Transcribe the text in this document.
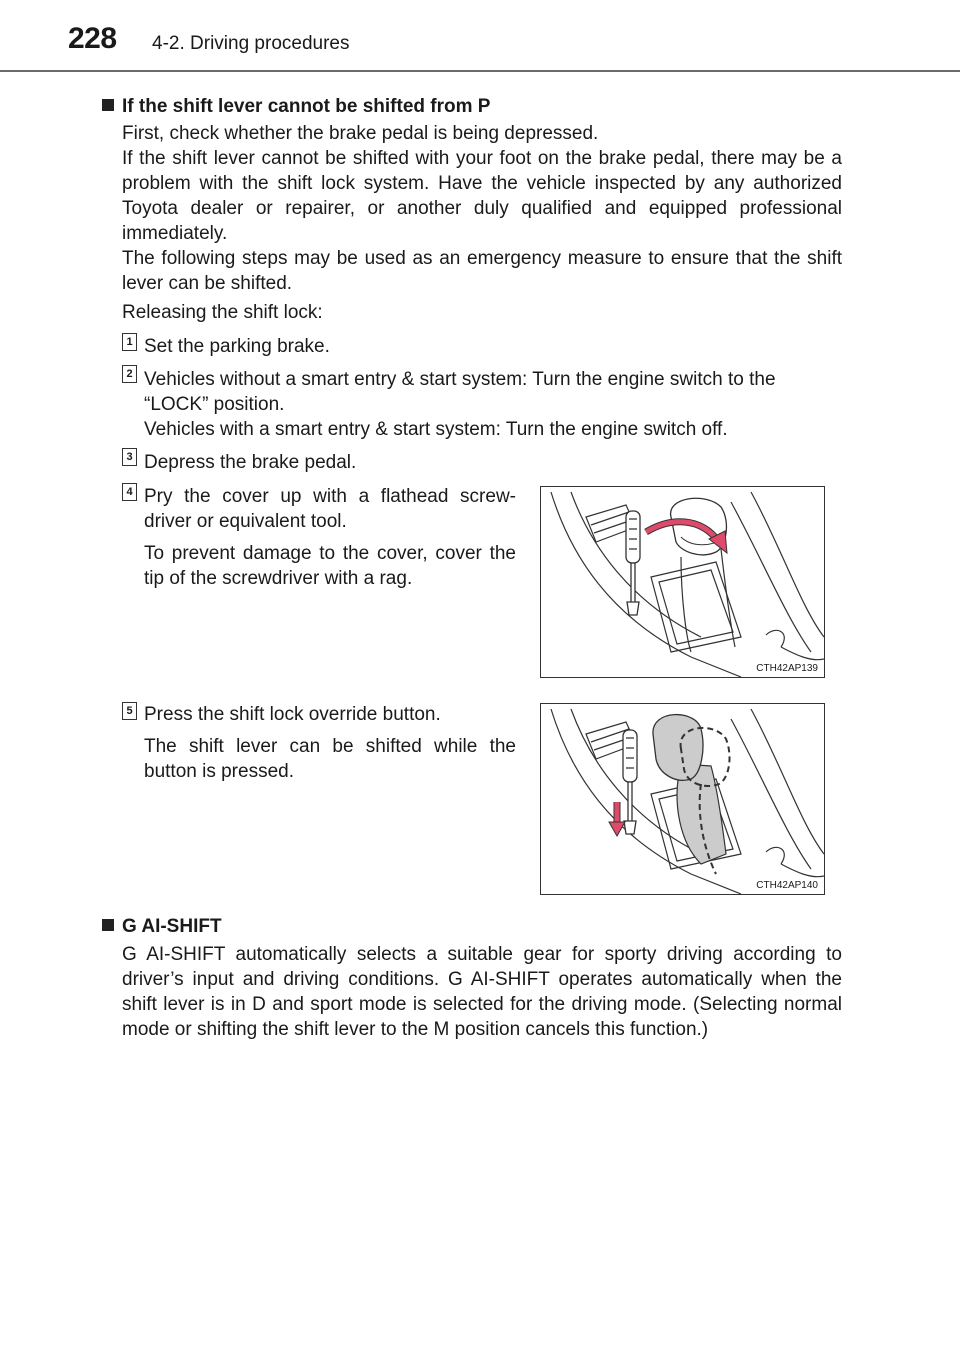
228 4-2. Driving procedures
If the shift lever cannot be shifted from P

First, check whether the brake pedal is being depressed.

If the shift lever cannot be shifted with your foot on the brake pedal, there may be a problem with the shift lock system. Have the vehicle inspected by any authorized Toyota dealer or repairer, or another duly qualified and equipped professional immediately.

The following steps may be used as an emergency measure to ensure that the shift lever can be shifted.

Releasing the shift lock:

1 Set the parking brake.

2 Vehicles without a smart entry & start system: Turn the engine switch to the “LOCK” position.

Vehicles with a smart entry & start system: Turn the engine switch off.

3 Depress the brake pedal.

4 Pry the cover up with a flathead screw-driver or equivalent tool.

To prevent damage to the cover, cover the tip of the screwdriver with a rag.

CTH42AP139
5 Press the shift lock override button.

The shift lever can be shifted while the button is pressed.

CTH42AP140
G AI-SHIFT

G AI-SHIFT automatically selects a suitable gear for sporty driving according to driver’s input and driving conditions. G AI-SHIFT operates automatically when the shift lever is in D and sport mode is selected for the driving mode. (Selecting normal mode or shifting the shift lever to the M position cancels this function.)
